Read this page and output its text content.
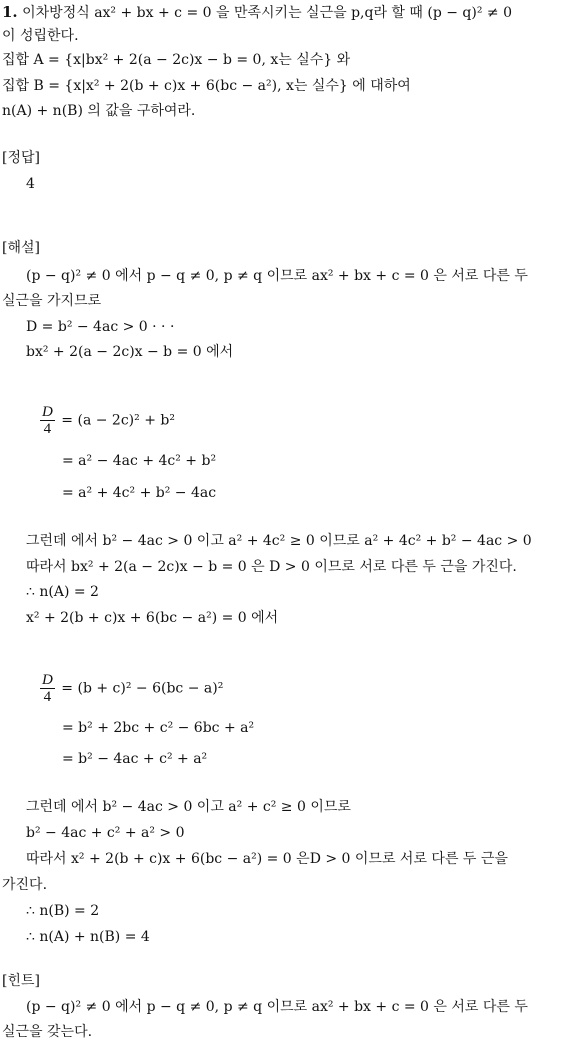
1. 이차방정식 ax² + bx + c = 0 을 만족시키는 실근을 p,q라 할 때 (p − q)² ≠ 0
이 성립한다.
집합 A = {x|bx² + 2(a − 2c)x − b = 0, x는 실수} 와
집합 B = {x|x² + 2(b + c)x + 6(bc − a²), x는 실수} 에 대하여
n(A) + n(B) 의 값을 구하여라.
[정답]
4
[해설]
(p − q)² ≠ 0 에서 p − q ≠ 0, p ≠ q 이므로 ax² + bx + c = 0 은 서로 다른 두
실근을 가지므로
D = b² − 4ac > 0 · · ·
bx² + 2(a − 2c)x − b = 0 에서
$\frac{D}{4} = (a - 2c)^2 + b^2$
= a² − 4ac + 4c² + b²
= a² + 4c² + b² − 4ac
그런데 에서 b² − 4ac > 0 이고 a² + 4c² ≥ 0 이므로 a² + 4c² + b² − 4ac > 0
따라서 bx² + 2(a − 2c)x − b = 0 은 D > 0 이므로 서로 다른 두 근을 가진다.
∴ n(A) = 2
x² + 2(b + c)x + 6(bc − a²) = 0 에서
$\frac{D}{4} = (b + c)^2 - 6(bc - a)^2$
= b² + 2bc + c² − 6bc + a²
= b² − 4ac + c² + a²
그런데 에서 b² − 4ac > 0 이고 a² + c² ≥ 0 이므로
b² − 4ac + c² + a² > 0
따라서 x² + 2(b + c)x + 6(bc − a²) = 0 은D > 0 이므로 서로 다른 두 근을
가진다.
∴ n(B) = 2
∴ n(A) + n(B) = 4
[힌트]
(p − q)² ≠ 0 에서 p − q ≠ 0, p ≠ q 이므로 ax² + bx + c = 0 은 서로 다른 두
실근을 갖는다.
